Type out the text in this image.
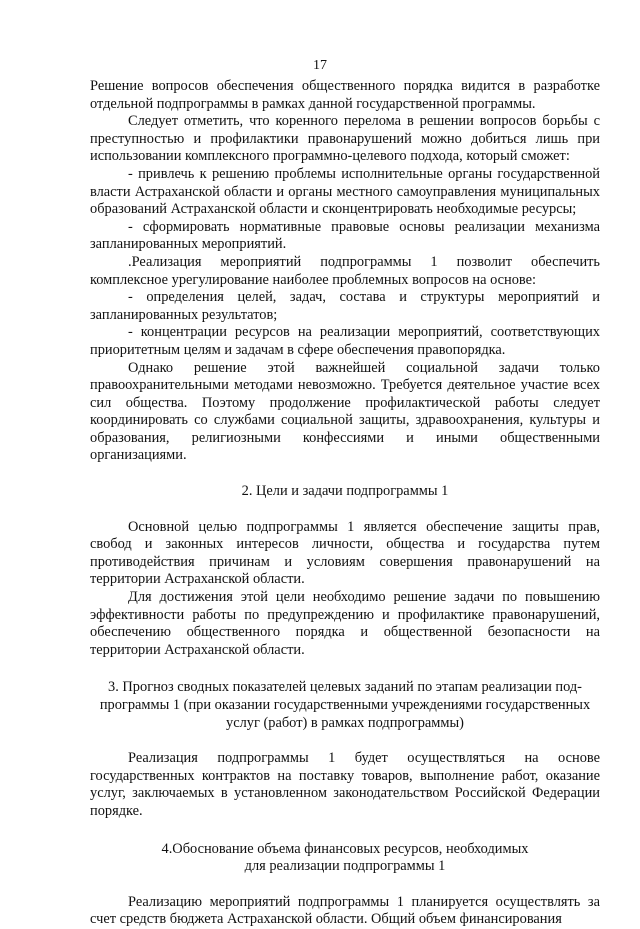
17

Решение вопросов обеспечения общественного порядка видится в разработке отдельной подпрограммы в рамках данной государственной программы.

Следует отметить, что коренного перелома в решении вопросов борьбы с преступностью и профилактики правонарушений можно добиться лишь при использовании комплексного программно-целевого подхода, который сможет:

- привлечь к решению проблемы исполнительные органы государственной власти Астраханской области и органы местного самоуправления муниципальных образований Астраханской области и сконцентрировать необходимые ресурсы;

- сформировать нормативные правовые основы реализации механизма запланированных мероприятий.

.Реализация мероприятий подпрограммы 1 позволит обеспечить комплексное урегулирование наиболее проблемных вопросов на основе:

- определения целей, задач, состава и структуры мероприятий и запланированных результатов;

- концентрации ресурсов на реализации мероприятий, соответствующих приоритетным целям и задачам в сфере обеспечения правопорядка.

Однако решение этой важнейшей социальной задачи только правоохранительными методами невозможно. Требуется деятельное участие всех сил общества. Поэтому продолжение профилактической работы следует координировать со службами социальной защиты, здравоохранения, культуры и образования, религиозными конфессиями и иными общественными организациями.

2. Цели и задачи подпрограммы 1

Основной целью подпрограммы 1 является обеспечение защиты прав, свобод и законных интересов личности, общества и государства путем противодействия причинам и условиям совершения правонарушений на территории Астраханской области.

Для достижения этой цели необходимо решение задачи по повышению эффективности работы по предупреждению и профилактике правонарушений, обеспечению общественного порядка и общественной безопасности на территории Астраханской области.

3. Прогноз сводных показателей целевых заданий по этапам реализации под-
программы 1 (при оказании государственными учреждениями государственных
услуг (работ) в рамках подпрограммы)

Реализация подпрограммы 1 будет осуществляться на основе государственных контрактов на поставку товаров, выполнение работ, оказание услуг, заключаемых в установленном законодательством Российской Федерации порядке.

4.Обоснование объема финансовых ресурсов, необходимых
для реализации подпрограммы 1

Реализацию мероприятий подпрограммы 1 планируется осуществлять за счет средств бюджета Астраханской области. Общий объем финансирования
